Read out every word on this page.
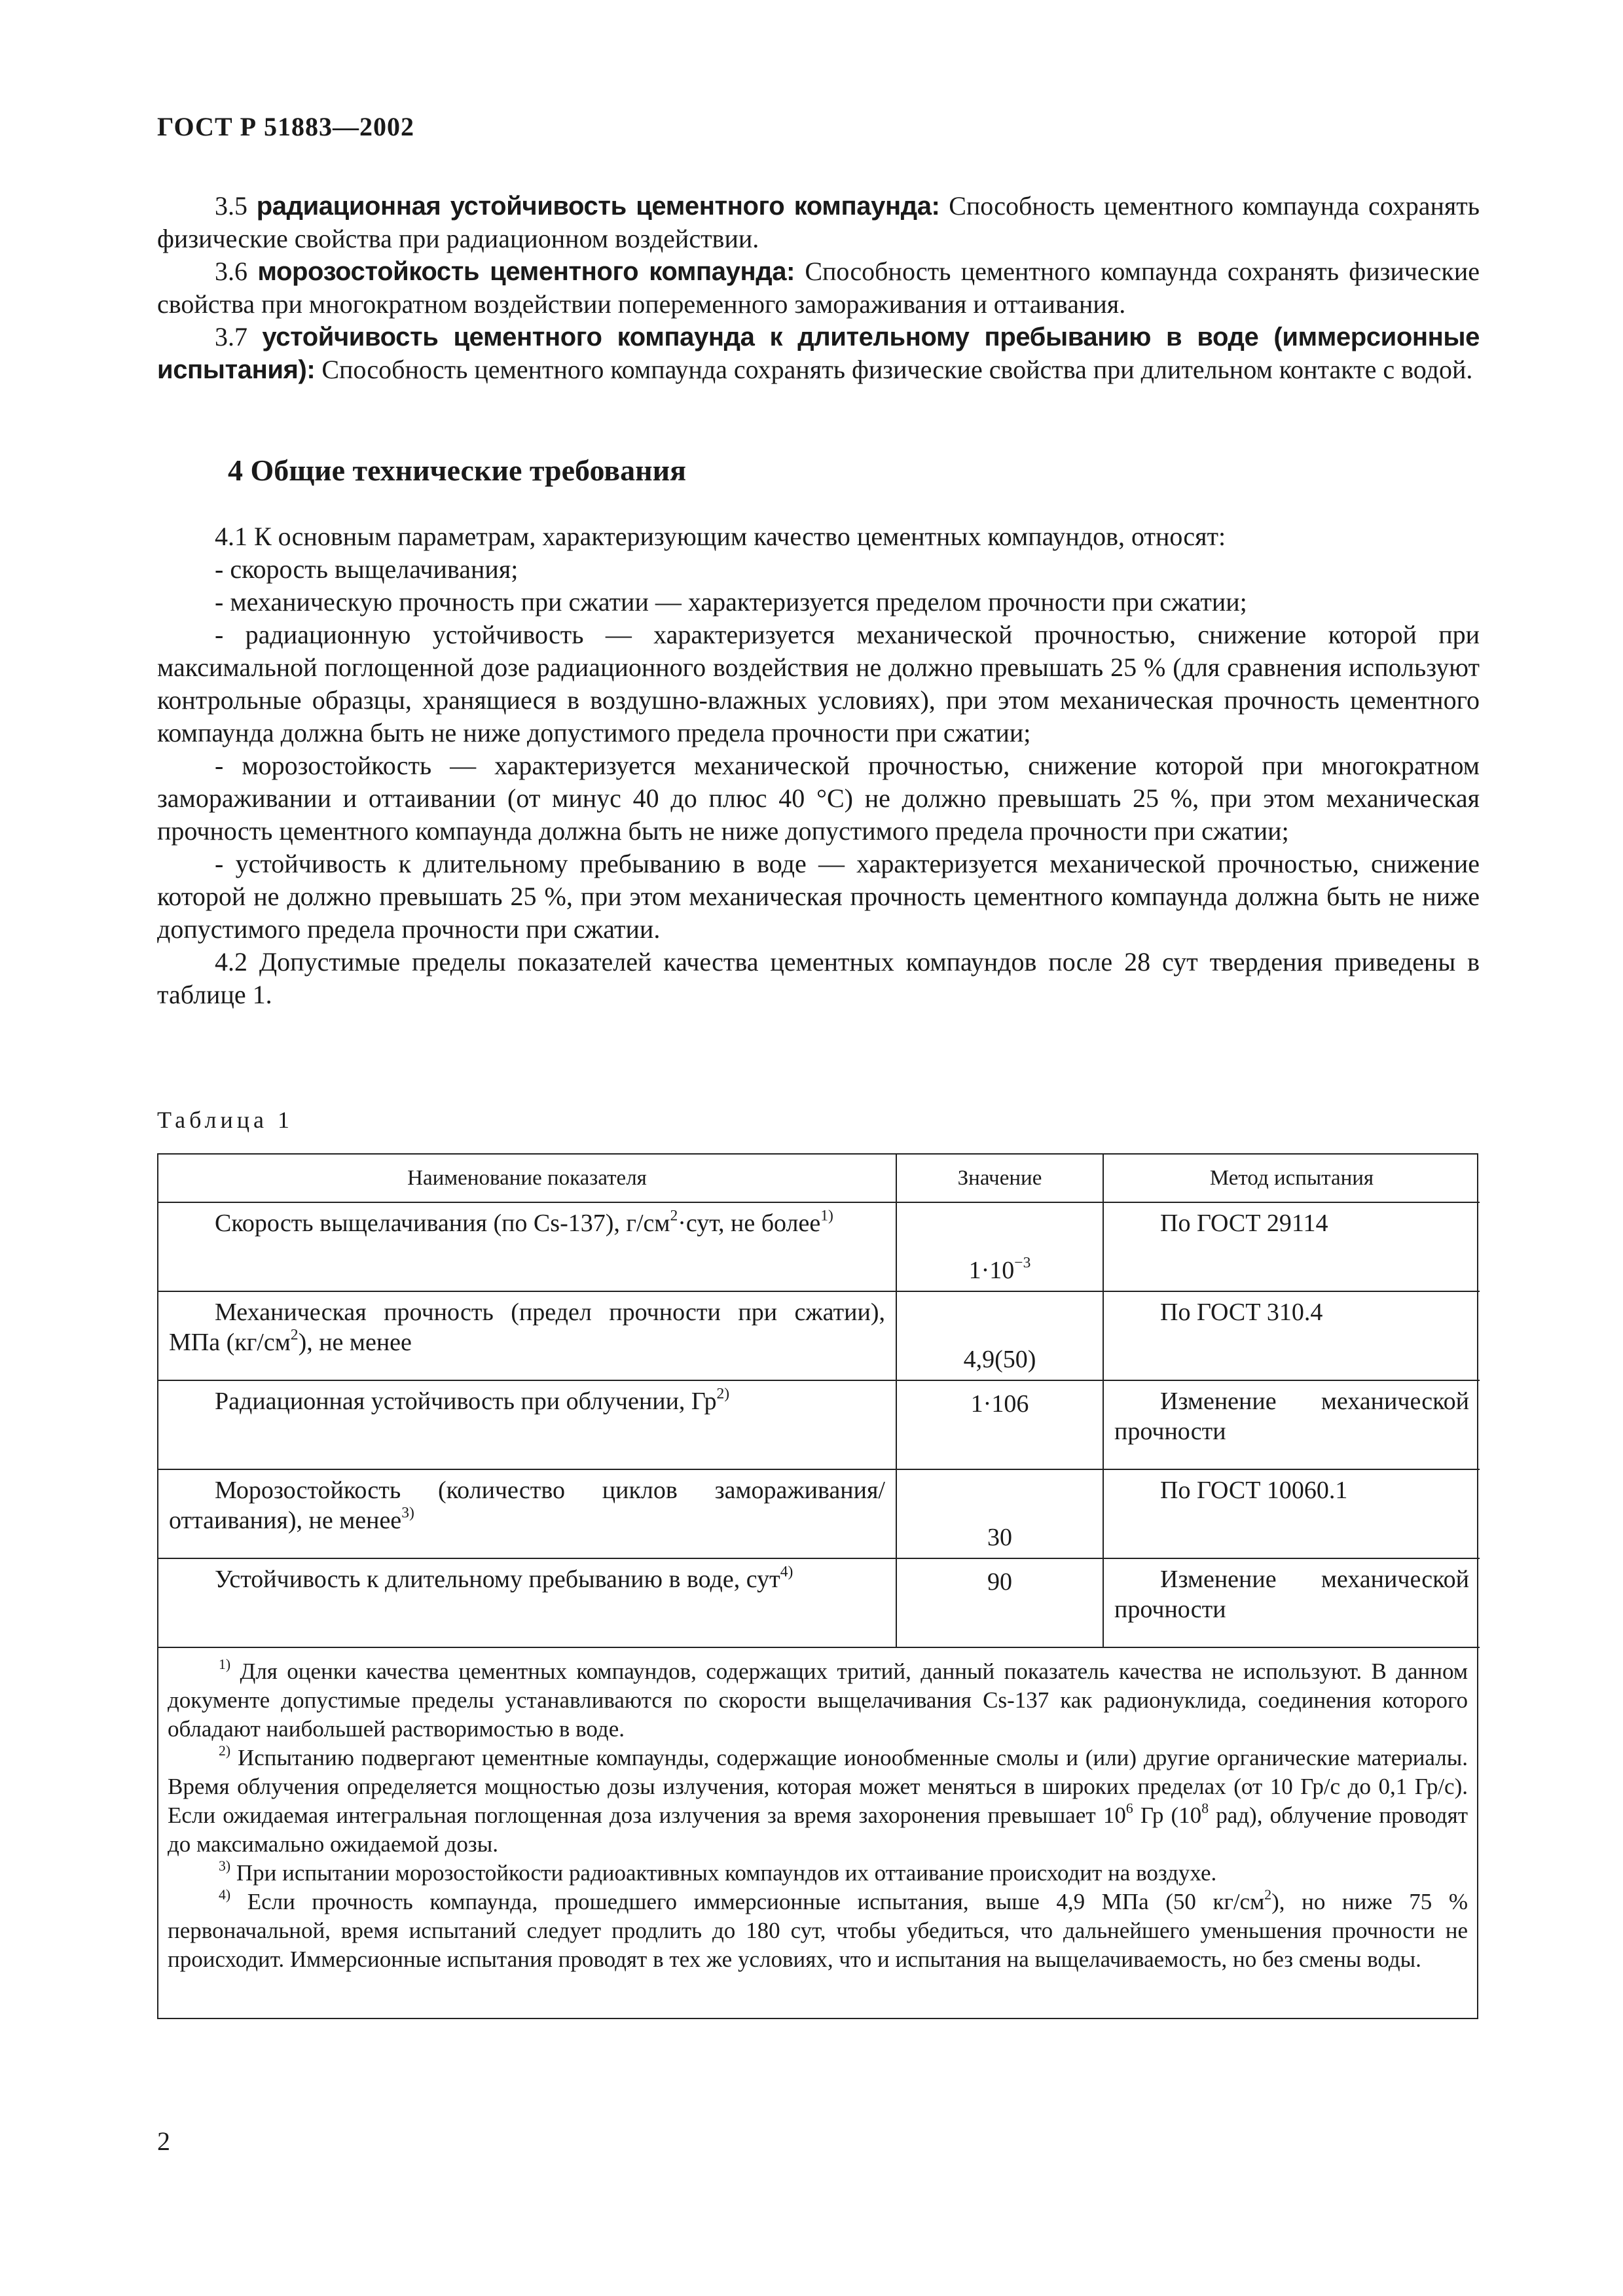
ГОСТ Р 51883—2002

3.5 радиационная устойчивость цементного компаунда: Способность цементного компаунда сохранять физические свойства при радиационном воздействии.

3.6 морозостойкость цементного компаунда: Способность цементного компаунда сохранять физические свойства при многократном воздействии попеременного замораживания и оттаивания.

3.7 устойчивость цементного компаунда к длительному пребыванию в воде (иммерсионные испытания): Способность цементного компаунда сохранять физические свойства при длительном контакте с водой.

4 Общие технические требования

4.1 К основным параметрам, характеризующим качество цементных компаундов, относят:

- скорость выщелачивания;

- механическую прочность при сжатии — характеризуется пределом прочности при сжатии;

- радиационную устойчивость — характеризуется механической прочностью, снижение которой при максимальной поглощенной дозе радиационного воздействия не должно превышать 25 % (для сравнения используют контрольные образцы, хранящиеся в воздушно-влажных условиях), при этом механическая прочность цементного компаунда должна быть не ниже допустимого предела прочности при сжатии;

- морозостойкость — характеризуется механической прочностью, снижение которой при многократном замораживании и оттаивании (от минус 40 до плюс 40 °С) не должно превышать 25 %, при этом механическая прочность цементного компаунда должна быть не ниже допустимого предела прочности при сжатии;

- устойчивость к длительному пребыванию в воде — характеризуется механической прочностью, снижение которой не должно превышать 25 %, при этом механическая прочность цементного компаунда должна быть не ниже допустимого предела прочности при сжатии.

4.2 Допустимые пределы показателей качества цементных компаундов после 28 сут твердения приведены в таблице 1.

Таблица 1
Наименование показателя	Значение	Метод испытания
Скорость выщелачивания (по Cs-137), $г/см^2\cdot сут$, не более$^{1)}$	$1\cdot 10^{-3}$	По ГОСТ 29114
Механическая прочность (предел прочности при сжатии), МПа $(кг/см^2)$, не менее	4,9(50)	По ГОСТ 310.4
Радиационная устойчивость при облучении, $Гр^{2)}$	1·106	Изменение механической прочности
Морозостойкость (количество циклов замораживания/оттаивания), не менее$^{3)}$	30	По ГОСТ 10060.1
Устойчивость к длительному пребыванию в воде, сут$^{4)}$	90	Изменение механической прочности

$^{1)}$ Для оценки качества цементных компаундов, содержащих тритий, данный показатель качества не используют. В данном документе допустимые пределы устанавливаются по скорости выщелачивания Cs-137 как радионуклида, соединения которого обладают наибольшей растворимостью в воде.

$^{2)}$ Испытанию подвергают цементные компаунды, содержащие ионообменные смолы и (или) другие органические материалы. Время облучения определяется мощностью дозы излучения, которая может меняться в широких пределах (от 10 Гр/с до 0,1 Гр/с). Если ожидаемая интегральная поглощенная доза излучения за время захоронения превышает $10^6$ Гр ($10^8$ рад), облучение проводят до максимально ожидаемой дозы.

$^{3)}$ При испытании морозостойкости радиоактивных компаундов их оттаивание происходит на воздухе.

$^{4)}$ Если прочность компаунда, прошедшего иммерсионные испытания, выше 4,9 МПа (50 $кг/см^2$), но ниже 75 % первоначальной, время испытаний следует продлить до 180 сут, чтобы убедиться, что дальнейшего уменьшения прочности не происходит. Иммерсионные испытания проводят в тех же условиях, что и испытания на выщелачиваемость, но без смены воды.

2
